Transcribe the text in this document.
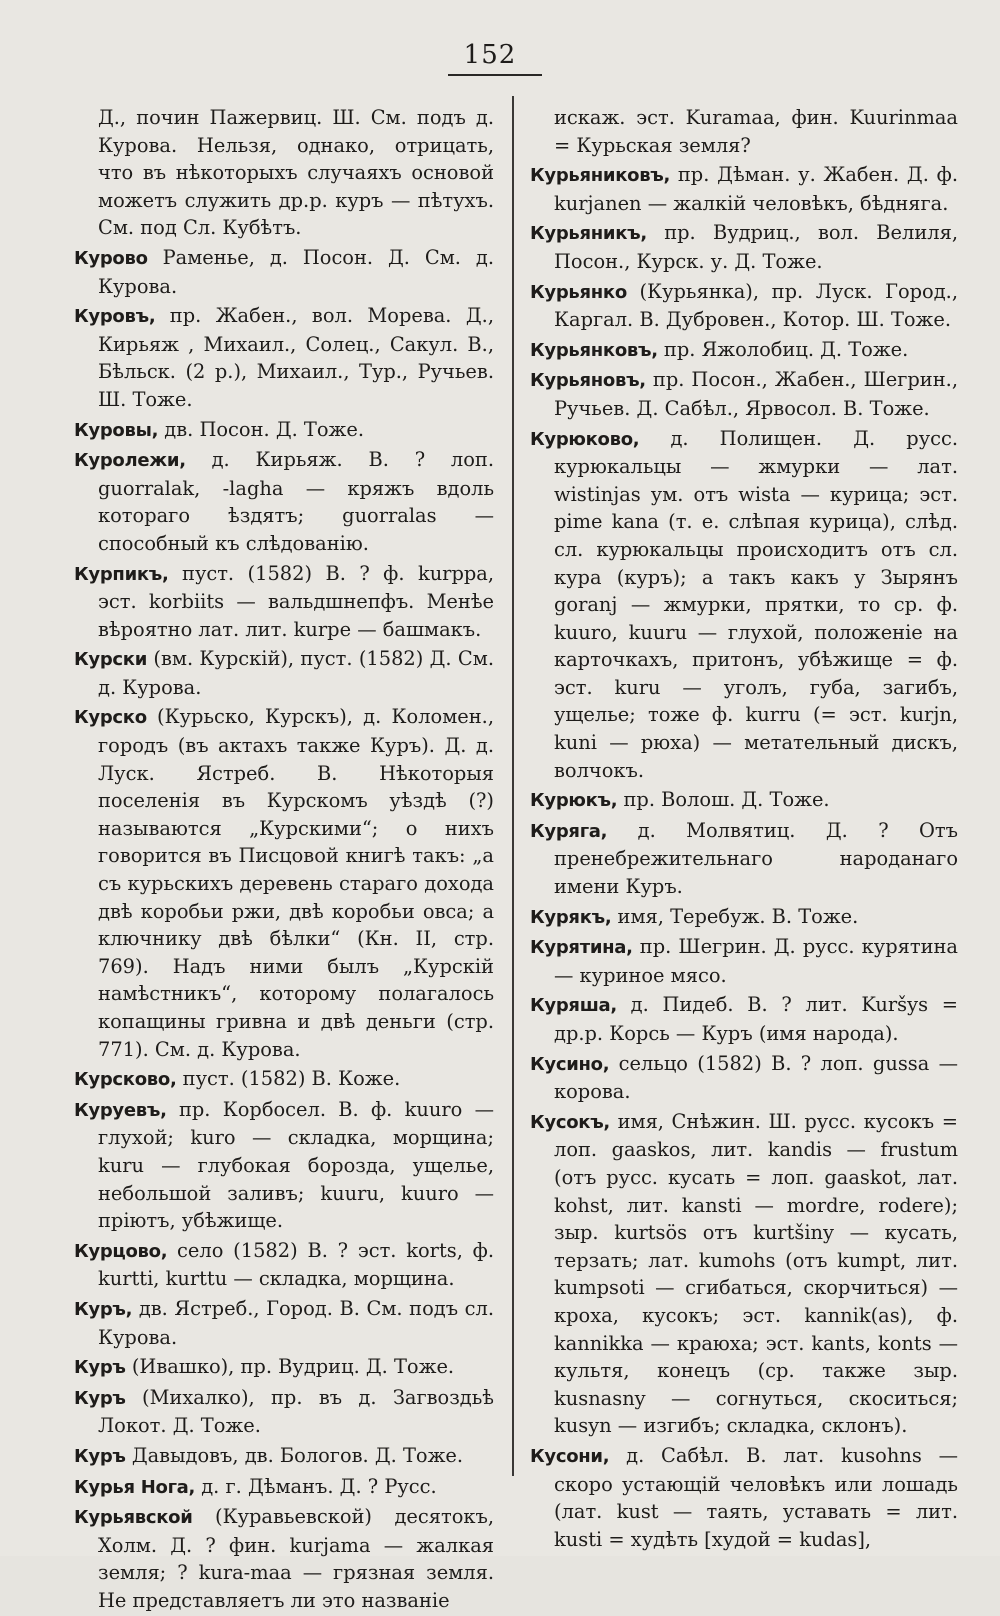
152

Д., почин Пажервиц. Ш. См. подъ д. Курова. Нельзя, однако, отрицать, что въ нѣкоторыхъ случаяхъ основой можетъ служить др.р. куръ — пѣтухъ. См. под Сл. Кубѣтъ.

Курово Раменье, д. Посон. Д. См. д. Курова.

Куровъ, пр. Жабен., вол. Морева. Д., Кирьяж , Михаил., Солец., Сакул. В., Бѣльск. (2 р.), Михаил., Тур., Ручьев. Ш. Тоже.

Куровы, дв. Посон. Д. Тоже.

Куролежи, д. Кирьяж. В. ? лоп. guorralak, -lagha — кряжъ вдоль котораго ѣздятъ; guorralas — способный къ слѣдованію.

Курпикъ, пуст. (1582) В. ? ф. kurppa, эст. korbiits — вальдшнепфъ. Менѣе вѣроятно лат. лит. kurpe — башмакъ.

Курски (вм. Курскій), пуст. (1582) Д. См. д. Курова.

Курско (Курьско, Курскъ), д. Коломен., городъ (въ актахъ также Куръ). Д. д. Луск. Ястреб. В. Нѣкоторыя поселенія въ Курскомъ уѣздѣ (?) называются „Курскими“; о нихъ говорится въ Писцовой книгѣ такъ: „а съ курьскихъ деревень стараго дохода двѣ коробьи ржи, двѣ коробьи овса; а ключнику двѣ бѣлки“ (Кн. II, стр. 769). Надъ ними былъ „Курскій намѣстникъ“, которому полагалось копащины гривна и двѣ деньги (стр. 771). См. д. Курова.

Курсково, пуст. (1582) В. Коже.

Куруевъ, пр. Корбосел. В. ф. kuuro — глухой; kuro — складка, морщина; kuru — глубокая борозда, ущелье, небольшой заливъ; kuuru, kuuro — пріютъ, убѣжище.

Курцово, село (1582) В. ? эст. korts, ф. kurtti, kurttu — складка, морщина.

Куръ, дв. Ястреб., Город. В. См. подъ сл. Курова.

Куръ (Ивашко), пр. Вудриц. Д. Тоже.

Куръ (Михалко), пр. въ д. Загвоздьѣ Локот. Д. Тоже.

Куръ Давыдовъ, дв. Бологов. Д. Тоже.

Курья Нога, д. г. Дѣманъ. Д. ? Русс.

Курьявской (Куравьевской) десятокъ, Холм. Д. ? фин. kurjama — жалкая земля; ? kura-maa — грязная земля. Не представляетъ ли это названіе

искаж. эст. Kuramaa, фин. Kuurinmaa = Курьская земля?

Курьяниковъ, пр. Дѣман. у. Жабен. Д. ф. kurjanen — жалкій человѣкъ, бѣдняга.

Курьяникъ, пр. Вудриц., вол. Велиля, Посон., Курск. у. Д. Тоже.

Курьянко (Курьянка), пр. Луск. Город., Каргал. В. Дубровен., Котор. Ш. Тоже.

Курьянковъ, пр. Яжолобиц. Д. Тоже.

Курьяновъ, пр. Посон., Жабен., Шегрин., Ручьев. Д. Сабѣл., Ярвосол. В. Тоже.

Курюково, д. Полищен. Д. русс. курюкальцы — жмурки — лат. wistinjas ум. отъ wista — курица; эст. pime kana (т. е. слѣпая курица), слѣд. сл. курюкальцы происходитъ отъ сл. кура (куръ); а такъ какъ у Зырянъ goranj — жмурки, прятки, то ср. ф. kuuro, kuuru — глухой, положеніе на карточкахъ, притонъ, убѣжище = ф. эст. kuru — уголъ, губа, загибъ, ущелье; тоже ф. kurru (= эст. kurjn, kuni — рюха) — метательный дискъ, волчокъ.

Курюкъ, пр. Волош. Д. Тоже.

Куряга, д. Молвятиц. Д. ? Отъ пренебрежительнаго народанаго имени Куръ.

Курякъ, имя, Теребуж. В. Тоже.

Курятина, пр. Шегрин. Д. русс. курятина — куриное мясо.

Куряша, д. Пидеб. В. ? лит. Kuršys = др.р. Корсь — Куръ (имя народа).

Кусино, сельцо (1582) В. ? лоп. gussa — корова.

Кусокъ, имя, Снѣжин. Ш. русс. кусокъ = лоп. gaaskos, лит. kandis — frustum (отъ русс. кусать = лоп. gaaskot, лат. kohst, лит. kansti — mordre, rodere); зыр. kurtsös отъ kurtšiny — кусать, терзать; лат. kumohs (отъ kumpt, лит. kumpsoti — сгибаться, скорчиться) — кроха, кусокъ; эст. kannik(as), ф. kannikka — краюха; эст. kants, konts — культя, конецъ (ср. также зыр. kusnasny — согнуться, скоситься; kusyn — изгибъ; складка, склонъ).

Кусони, д. Сабѣл. В. лат. kusohns — скоро устающій человѣкъ или лошадь (лат. kust — таять, уставать = лит. kusti = худѣть [худой = kudas],
